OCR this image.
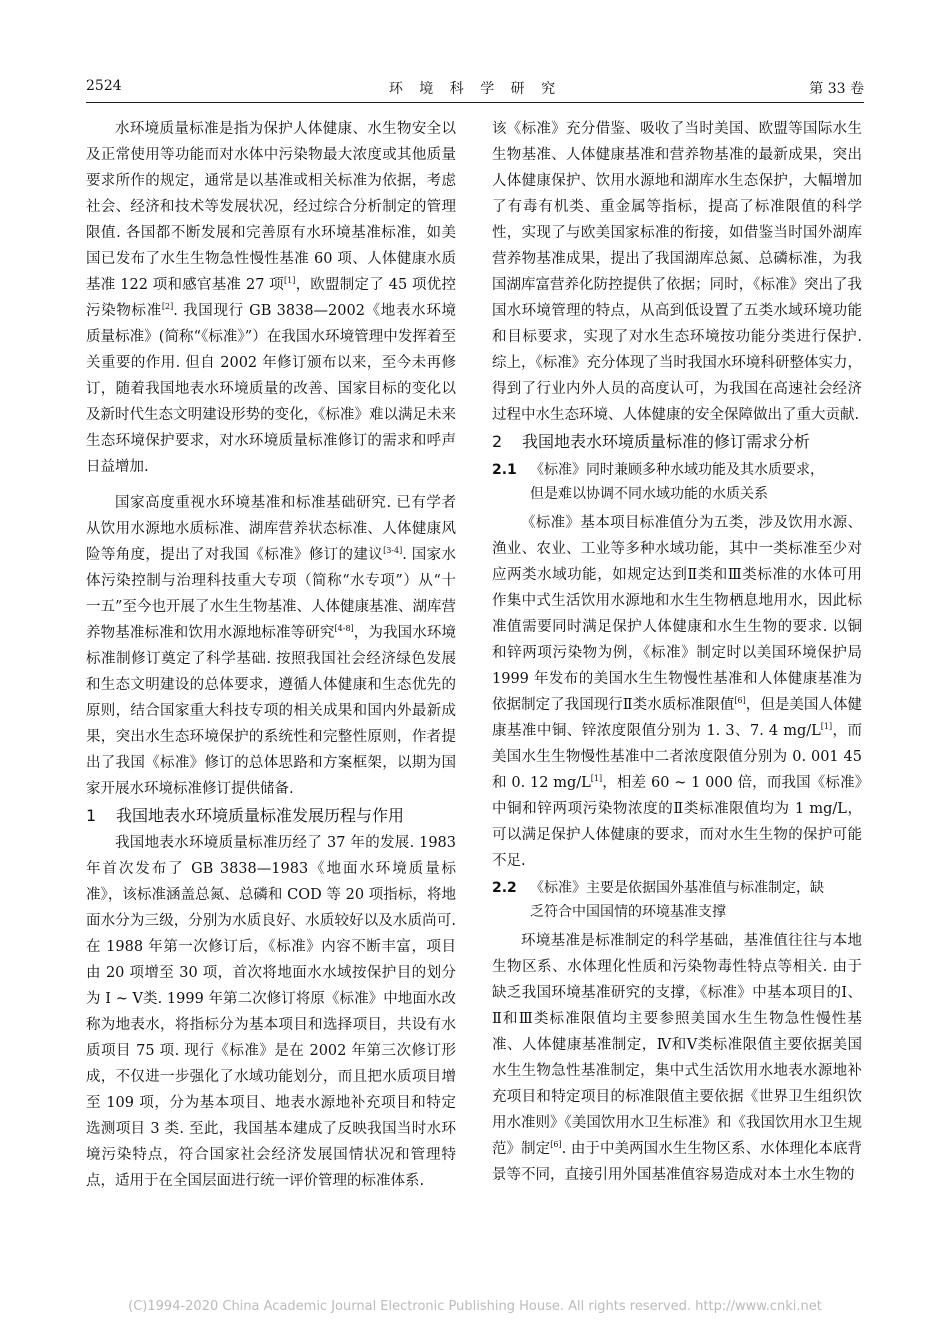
2524	环 境 科 学 研 究	第 33 卷

水环境质量标准是指为保护人体健康、水生物安全以及正常使用等功能而对水体中污染物最大浓度或其他质量要求所作的规定，通常是以基准或相关标准为依据，考虑社会、经济和技术等发展状况，经过综合分析制定的管理限值. 各国都不断发展和完善原有水环境基准标准，如美国已发布了水生生物急性慢性基准 60 项、人体健康水质基准 122 项和感官基准 27 项[1]，欧盟制定了 45 项优控污染物标准[2]. 我国现行 GB 3838—2002《地表水环境质量标准》(简称“《标准》”）在我国水环境管理中发挥着至关重要的作用. 但自 2002 年修订颁布以来，至今未再修订，随着我国地表水环境质量的改善、国家目标的变化以及新时代生态文明建设形势的变化，《标准》难以满足未来生态环境保护要求，对水环境质量标准修订的需求和呼声日益增加.

国家高度重视水环境基准和标准基础研究. 已有学者从饮用水源地水质标准、湖库营养状态标准、人体健康风险等角度，提出了对我国《标准》修订的建议[3-4]. 国家水体污染控制与治理科技重大专项（简称“水专项”）从“十一五”至今也开展了水生生物基准、人体健康基准、湖库营养物基准标准和饮用水源地标准等研究[4-8]，为我国水环境标准制修订奠定了科学基础. 按照我国社会经济绿色发展和生态文明建设的总体要求，遵循人体健康和生态优先的原则，结合国家重大科技专项的相关成果和国内外最新成果，突出水生态环境保护的系统性和完整性原则，作者提出了我国《标准》修订的总体思路和方案框架，以期为国家开展水环境标准修订提供储备.

1 我国地表水环境质量标准发展历程与作用

我国地表水环境质量标准历经了 37 年的发展. 1983 年首次发布了 GB 3838—1983《地面水环境质量标准》，该标准涵盖总氮、总磷和 COD 等 20 项指标，将地面水分为三级，分别为水质良好、水质较好以及水质尚可. 在 1988 年第一次修订后，《标准》内容不断丰富，项目由 20 项增至 30 项，首次将地面水水域按保护目的划分为 Ⅰ ~ Ⅴ类. 1999 年第二次修订将原《标准》中地面水改称为地表水，将指标分为基本项目和选择项目，共设有水质项目 75 项. 现行《标准》是在 2002 年第三次修订形成，不仅进一步强化了水域功能划分，而且把水质项目增至 109 项，分为基本项目、地表水源地补充项目和特定选测项目 3 类. 至此，我国基本建成了反映我国当时水环境污染特点，符合国家社会经济发展国情状况和管理特点，适用于在全国层面进行统一评价管理的标准体系.

该《标准》充分借鉴、吸收了当时美国、欧盟等国际水生生物基准、人体健康基准和营养物基准的最新成果，突出人体健康保护、饮用水源地和湖库水生态保护，大幅增加了有毒有机类、重金属等指标，提高了标准限值的科学性，实现了与欧美国家标准的衔接，如借鉴当时国外湖库营养物基准成果，提出了我国湖库总氮、总磷标准，为我国湖库富营养化防控提供了依据；同时，《标准》突出了我国水环境管理的特点，从高到低设置了五类水域环境功能和目标要求，实现了对水生态环境按功能分类进行保护. 综上，《标准》充分体现了当时我国水环境科研整体实力，得到了行业内外人员的高度认可，为我国在高速社会经济过程中水生态环境、人体健康的安全保障做出了重大贡献.

2 我国地表水环境质量标准的修订需求分析
2.1 《标准》同时兼顾多种水域功能及其水质要求，
但是难以协调不同水域功能的水质关系

《标准》基本项目标准值分为五类，涉及饮用水源、渔业、农业、工业等多种水域功能，其中一类标准至少对应两类水域功能，如规定达到Ⅱ类和Ⅲ类标准的水体可用作集中式生活饮用水源地和水生生物栖息地用水，因此标准值需要同时满足保护人体健康和水生生物的要求. 以铜和锌两项污染物为例，《标准》制定时以美国环境保护局 1999 年发布的美国水生生物慢性基准和人体健康基准为依据制定了我国现行Ⅱ类水质标准限值[6]，但是美国人体健康基准中铜、锌浓度限值分别为 1. 3、7. 4 mg/L[1]，而美国水生生物慢性基准中二者浓度限值分别为 0. 001 45 和 0. 12 mg/L[1]，相差 60 ~ 1 000 倍，而我国《标准》中铜和锌两项污染物浓度的Ⅱ类标准限值均为 1 mg/L，可以满足保护人体健康的要求，而对水生生物的保护可能不足.

2.2 《标准》主要是依据国外基准值与标准制定，缺
乏符合中国国情的环境基准支撑

环境基准是标准制定的科学基础，基准值往往与本地生物区系、水体理化性质和污染物毒性特点等相关. 由于缺乏我国环境基准研究的支撑，《标准》中基本项目的Ⅰ、Ⅱ和Ⅲ类标准限值均主要参照美国水生生物急性慢性基准、人体健康基准制定，Ⅳ和Ⅴ类标准限值主要依据美国水生生物急性基准制定，集中式生活饮用水地表水源地补充项目和特定项目的标准限值主要依据《世界卫生组织饮用水准则》《美国饮用水卫生标准》和《我国饮用水卫生规范》制定[6]. 由于中美两国水生生物区系、水体理化本底背景等不同，直接引用外国基准值容易造成对本土水生物的

(C)1994-2020 China Academic Journal Electronic Publishing House. All rights reserved. http://www.cnki.net
